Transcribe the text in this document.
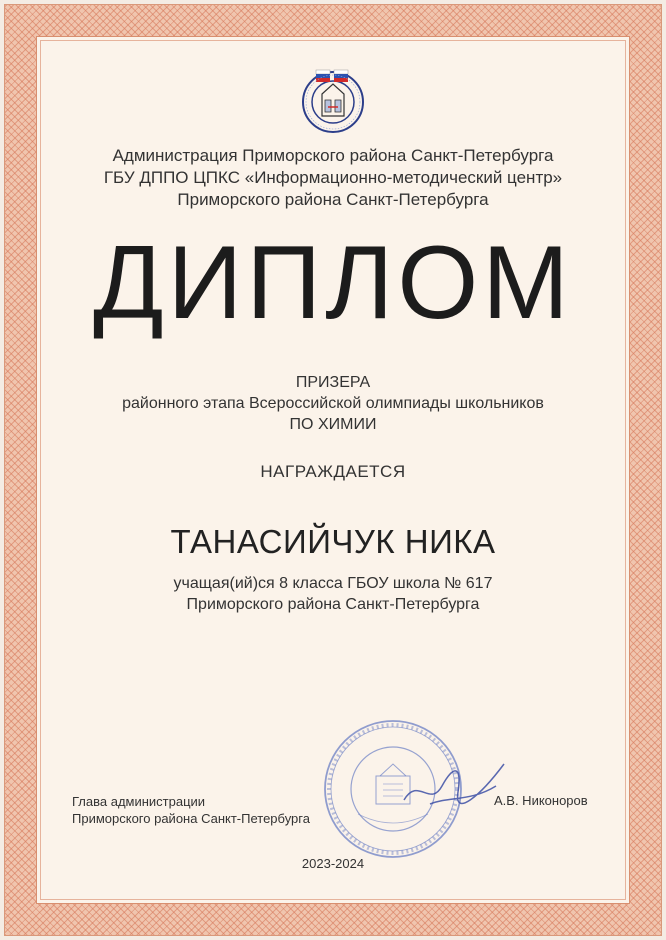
Администрация Приморского района Санкт-Петербурга
ГБУ ДППО ЦПКС «Информационно-методический центр»
Приморского района Санкт-Петербурга
ДИПЛОМ
ПРИЗЕРА
районного этапа Всероссийской олимпиады школьников
ПО ХИМИИ
НАГРАЖДАЕТСЯ
ТАНАСИЙЧУК НИКА
учащая(ий)ся 8 класса ГБОУ школа № 617
Приморского района Санкт-Петербурга
Глава администрации
Приморского района Санкт-Петербурга
А.В. Никоноров
2023-2024
